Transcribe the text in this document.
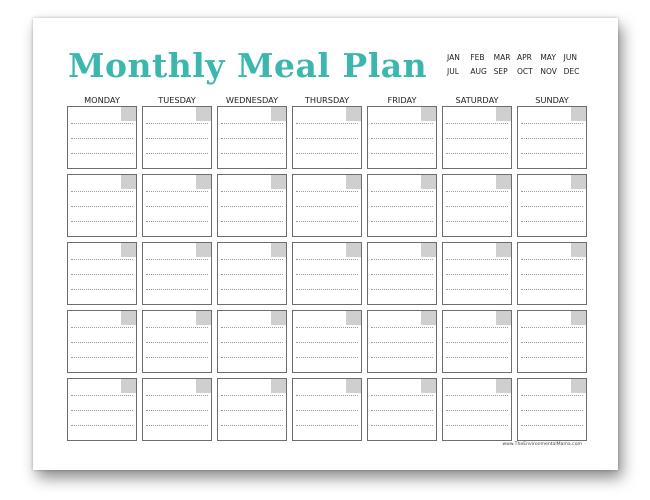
Monthly Meal Plan	JAN	FEB	MAR APR	MAY	JUN
JUL	AUG SEP	OCT	NOV DEC
MONDAY	TUESDAY	WEDNESDAY	THURSDAY	FRIDAY	SATURDAY	SUNDAY
www.TheEnvironmentalMama.com
